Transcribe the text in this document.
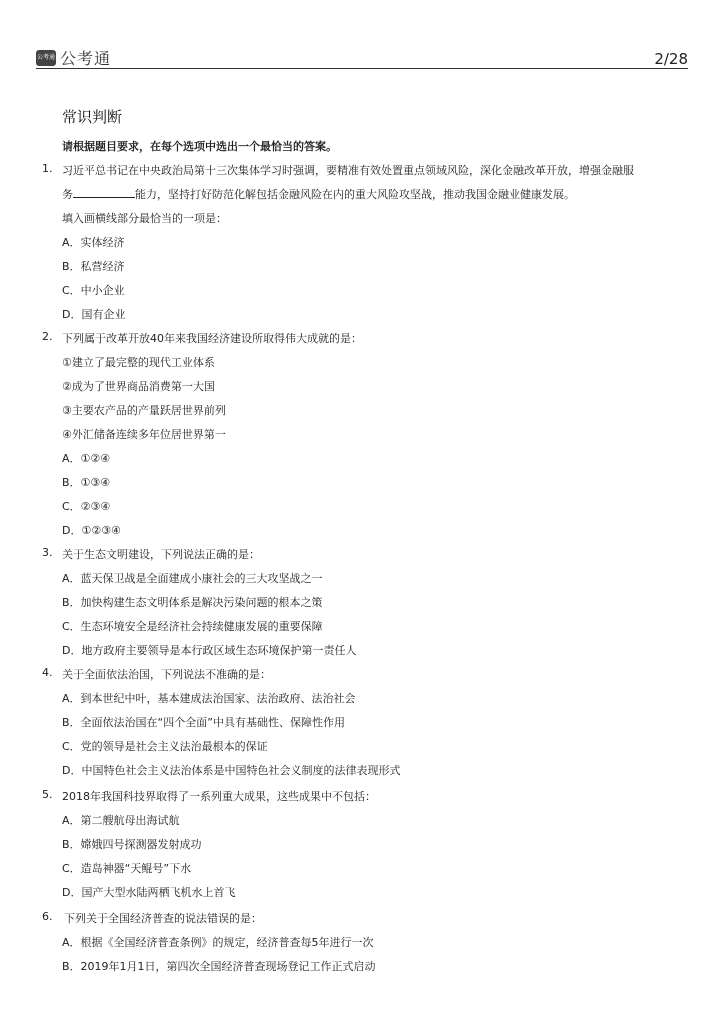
公考通 公考通	2/28
常识判断
请根据题目要求，在每个选项中选出一个最恰当的答案。
1. 习近平总书记在中央政治局第十三次集体学习时强调，要精准有效处置重点领域风险，深化金融改革开放，增强金融服
务	能力，坚持打好防范化解包括金融风险在内的重大风险攻坚战，推动我国金融业健康发展。
填入画横线部分最恰当的一项是：
A．实体经济
B．私营经济
C．中小企业
D．国有企业
2. 下列属于改革开放40年来我国经济建设所取得伟大成就的是：
①建立了最完整的现代工业体系
②成为了世界商品消费第一大国
③主要农产品的产量跃居世界前列
④外汇储备连续多年位居世界第一
A．①②④
B．①③④
C．②③④
D．①②③④
3. 关于生态文明建设，下列说法正确的是：
A．蓝天保卫战是全面建成小康社会的三大攻坚战之一
B．加快构建生态文明体系是解决污染问题的根本之策
C．生态环境安全是经济社会持续健康发展的重要保障
D．地方政府主要领导是本行政区域生态环境保护第一责任人
4. 关于全面依法治国，下列说法不准确的是：
A．到本世纪中叶，基本建成法治国家、法治政府、法治社会
B．全面依法治国在“四个全面”中具有基础性、保障性作用
C．党的领导是社会主义法治最根本的保证
D．中国特色社会主义法治体系是中国特色社会义制度的法律表现形式
5. 2018年我国科技界取得了一系列重大成果，这些成果中不包括：
A．第二艘航母出海试航
B．嫦娥四号探测器发射成功
C．造岛神器“天鲲号”下水
D．国产大型水陆两栖飞机水上首飞
6. 下列关于全国经济普查的说法错误的是：
A．根据《全国经济普查条例》的规定，经济普查每5年进行一次
B．2019年1月1日，第四次全国经济普查现场登记工作正式启动
